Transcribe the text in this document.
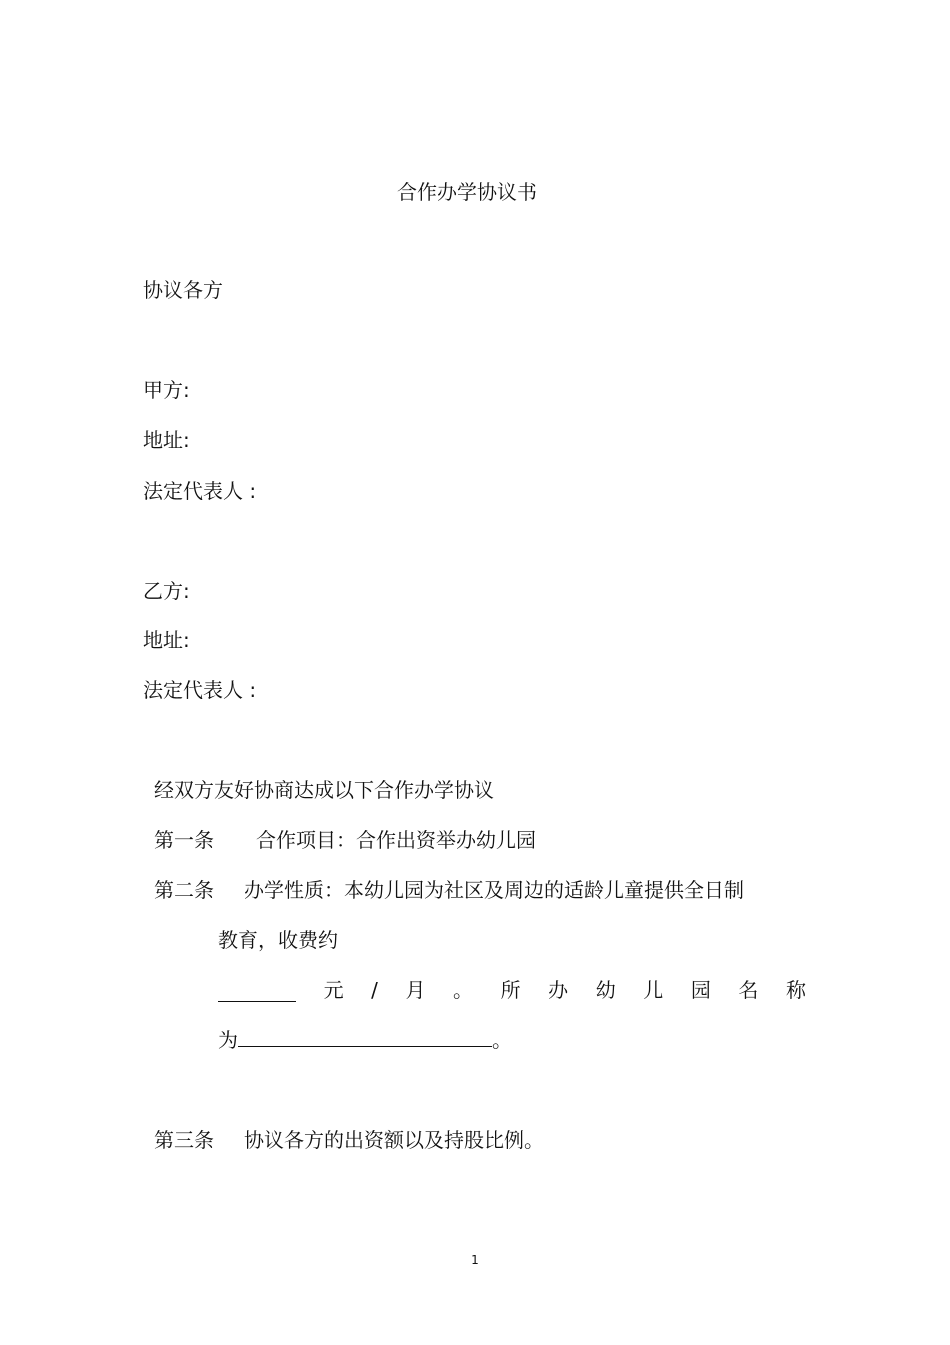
合作办学协议书
协议各方
甲方:
地址:
法定代表人 :
乙方:
地址:
法定代表人 :
经双方友好协商达成以下合作办学协议
第一条 合作项目：合作出资举办幼儿园
第二条 办学性质：本幼儿园为社区及周边的适龄儿童提供全日制
教育，收费约
元 / 月 。 所 办 幼 儿 园 名 称
为	。
第三条 协议各方的出资额以及持股比例。
1
